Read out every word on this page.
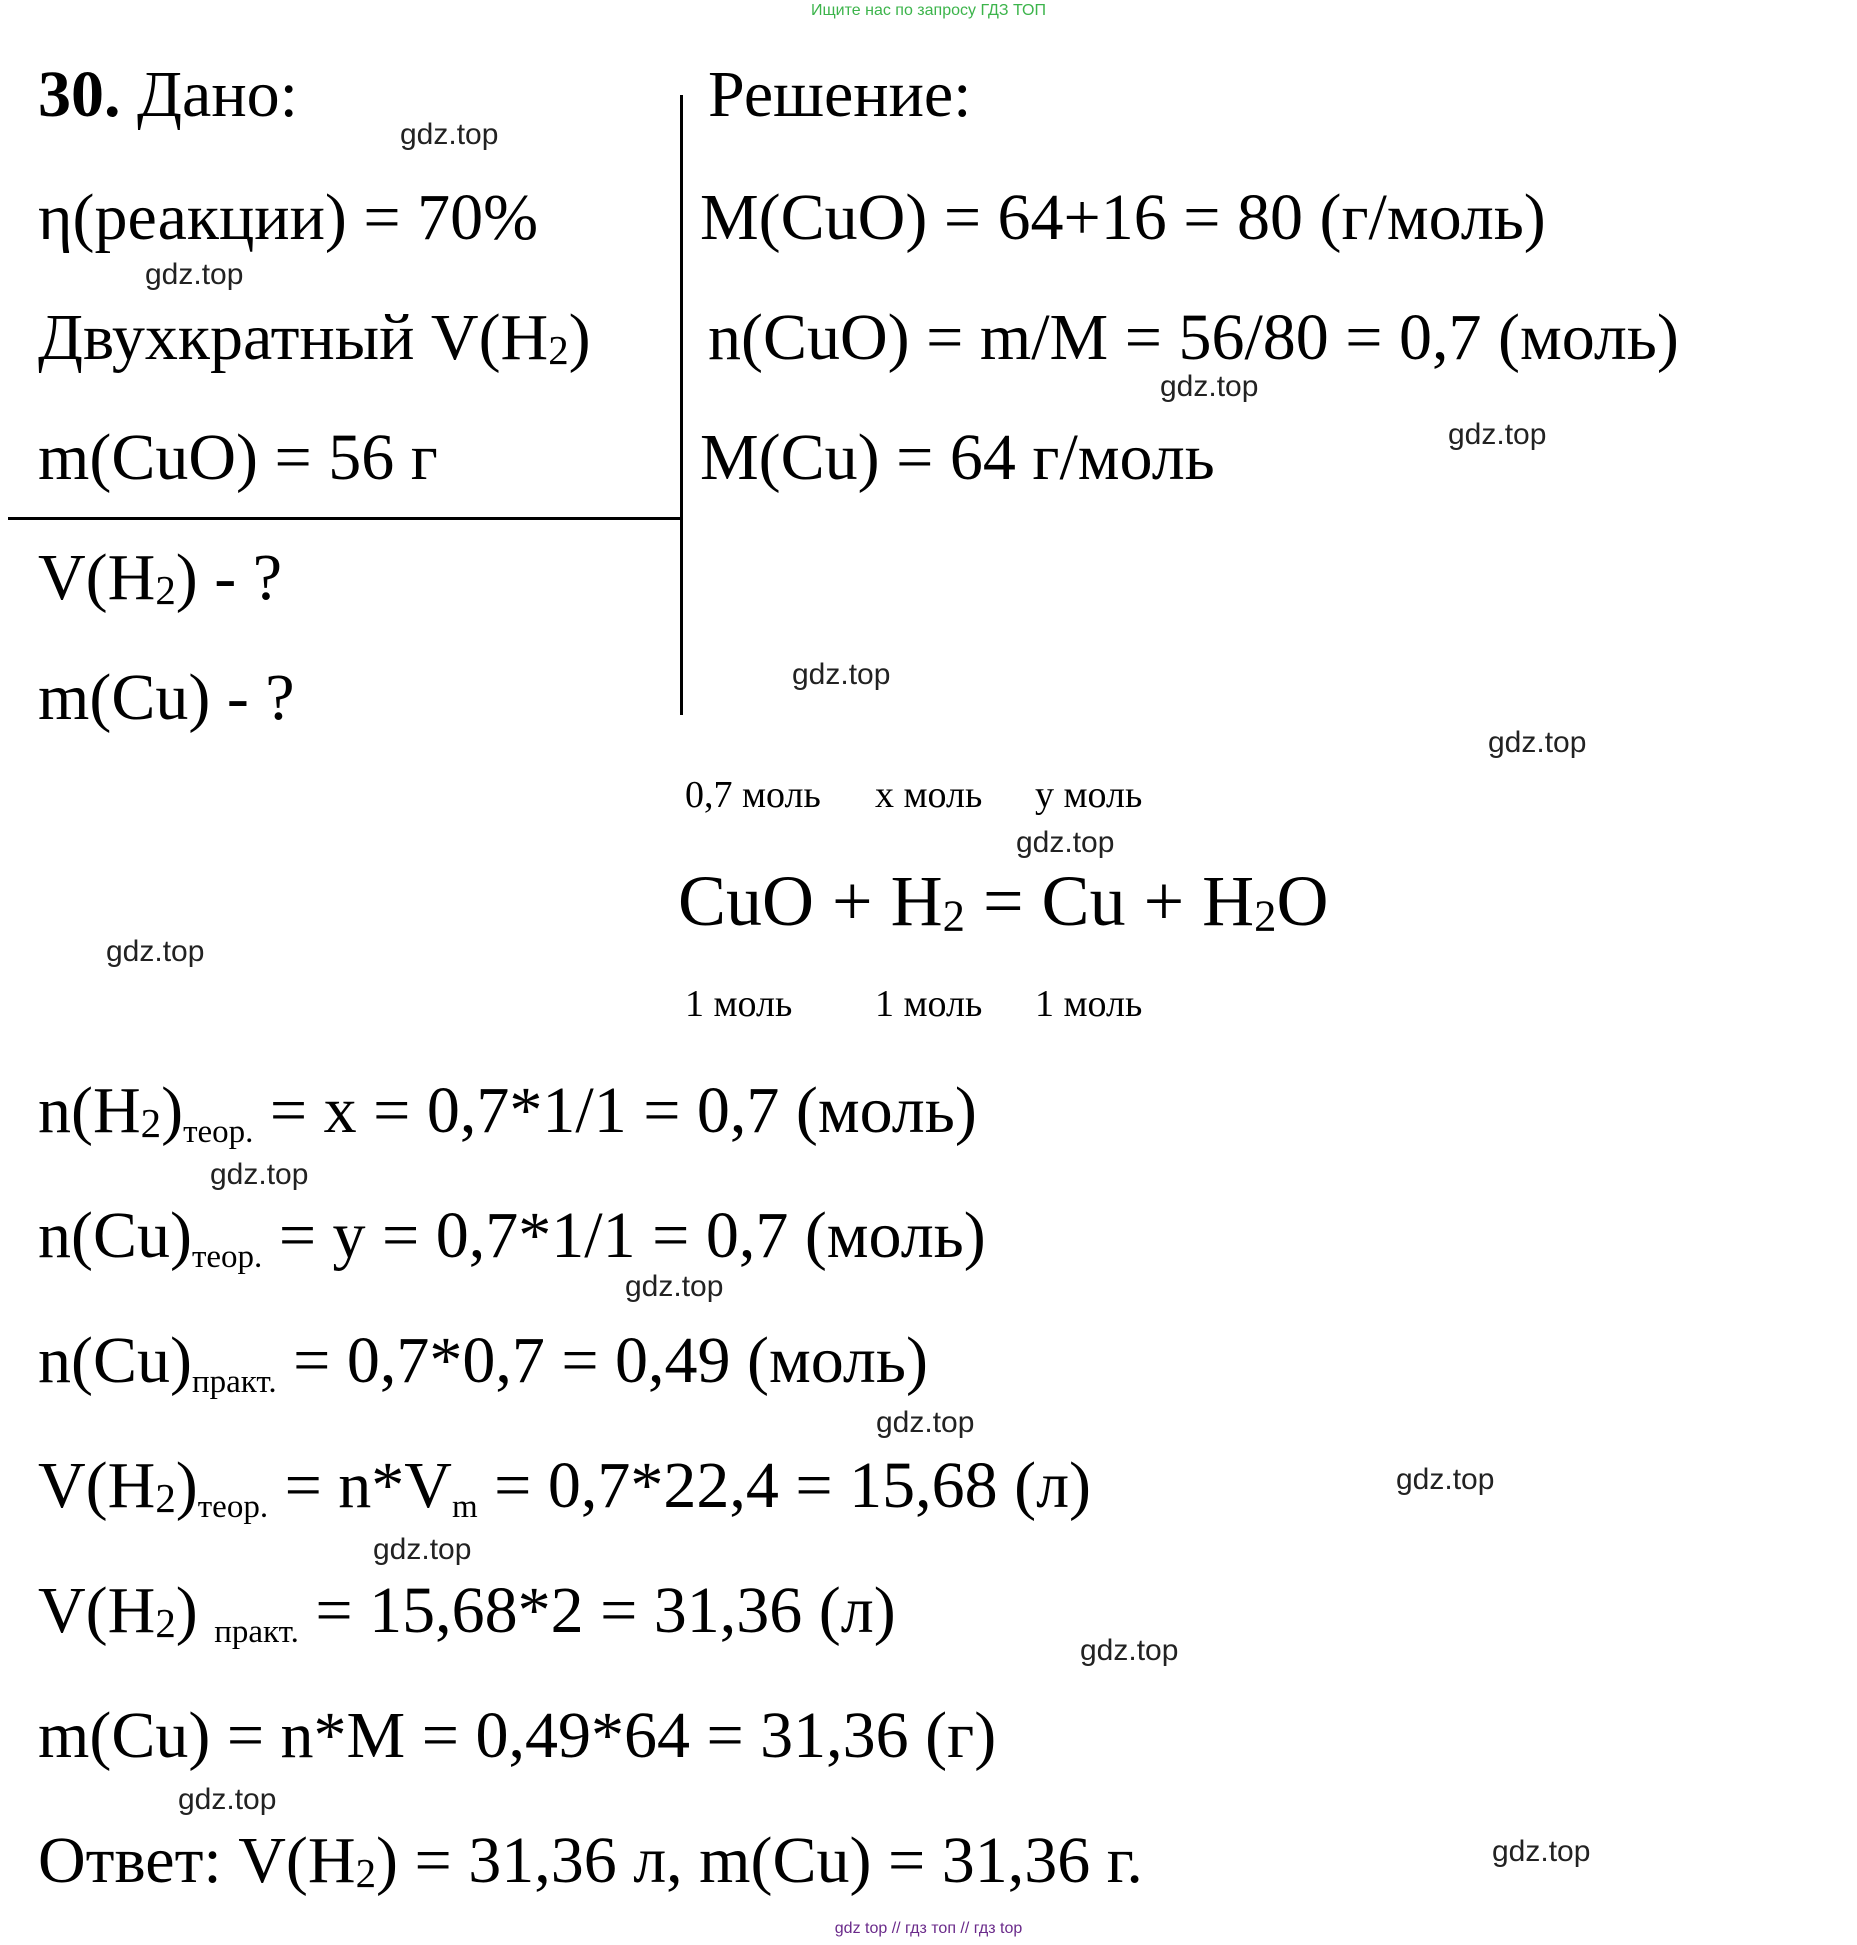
Ищите нас по запросу ГДЗ ТОП
30. Дано:
η(реакции) = 70%
Двухкратный $V(H_2)$
m(CuO) = 56 г
$V(H_2)$ - ?
m(Cu) - ?
Решение:
M(CuO) = 64+16 = 80 (г/моль)
n(CuO) = m/M = 56/80 = 0,7 (моль)
M(Cu) = 64 г/моль
0,7 моль x моль y моль
CuO + $H_2 = Cu + H_2O$
1 моль 1 моль 1 моль
$n(H_2)_{теор.} = x = 0,7*1/1 = 0,7$ (моль)
$n(Cu)_{теор.} = y = 0,7*1/1 = 0,7$ (моль)
$n(Cu)_{практ.} = 0,7*0,7 = 0,49$ (моль)
$V(H_2)_{теор.} = n*V_m = 0,7*22,4 = 15,68$ (л)
$V(H_2) _{практ.} = 15,68*2 = 31,36$ (л)
m(Cu) = n*M = 0,49*64 = 31,36 (г)
Ответ: $V(H_2) = 31,36$ л, m(Cu) = 31,36 г.
gdz.top
gdz.top
gdz.top
gdz.top
gdz.top
gdz.top
gdz.top
gdz.top
gdz.top
gdz.top
gdz.top
gdz.top
gdz.top
gdz.top
gdz.top
gdz.top
gdz top // гдз топ // гдз top
